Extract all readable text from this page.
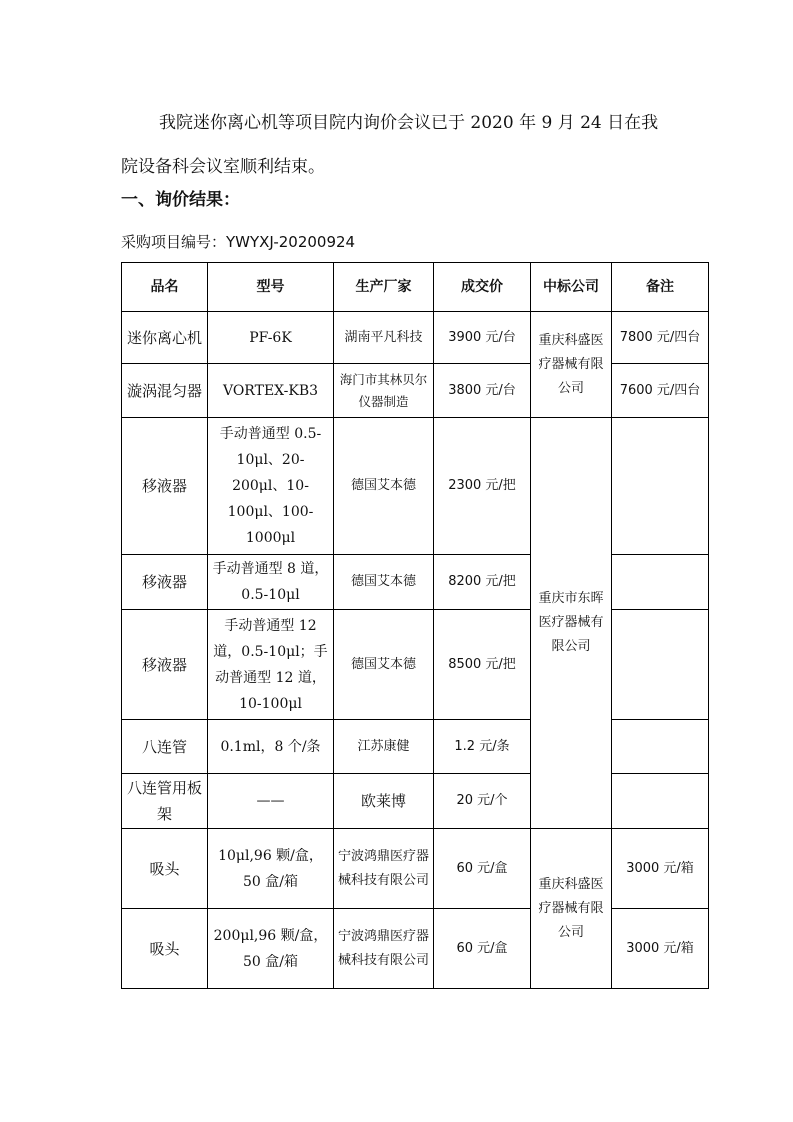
我院迷你离心机等项目院内询价会议已于 2020 年 9 月 24 日在我
院设备科会议室顺利结束。

一、询价结果：

采购项目编号：YWYXJ-20200924

品名	型号	生产厂家	成交价	中标公司	备注
迷你离心机	PF-6K	湖南平凡科技	3900 元/台	重庆科盛医疗器械有限公司	7800 元/四台
漩涡混匀器	VORTEX-KB3	海门市其林贝尔仪器制造	3800 元/台		7600 元/四台
移液器	手动普通型 0.5-10μl、20-200μl、10-100μl、100-1000μl	德国艾本德	2300 元/把	重庆市东晖医疗器械有限公司	
移液器	手动普通型 8 道，0.5-10μl	德国艾本德	8200 元/把		
移液器	手动普通型 12 道，0.5-10μl；手动普通型 12 道，10-100μl	德国艾本德	8500 元/把		
八连管	0.1ml，8 个/条	江苏康健	1.2 元/条		
八连管用板架	——	欧莱博	20 元/个		
吸头	10μl,96 颗/盒，50 盒/箱	宁波鸿鼎医疗器械科技有限公司	60 元/盒	重庆科盛医疗器械有限公司	3000 元/箱
吸头	200μl,96 颗/盒，50 盒/箱	宁波鸿鼎医疗器械科技有限公司	60 元/盒		3000 元/箱
